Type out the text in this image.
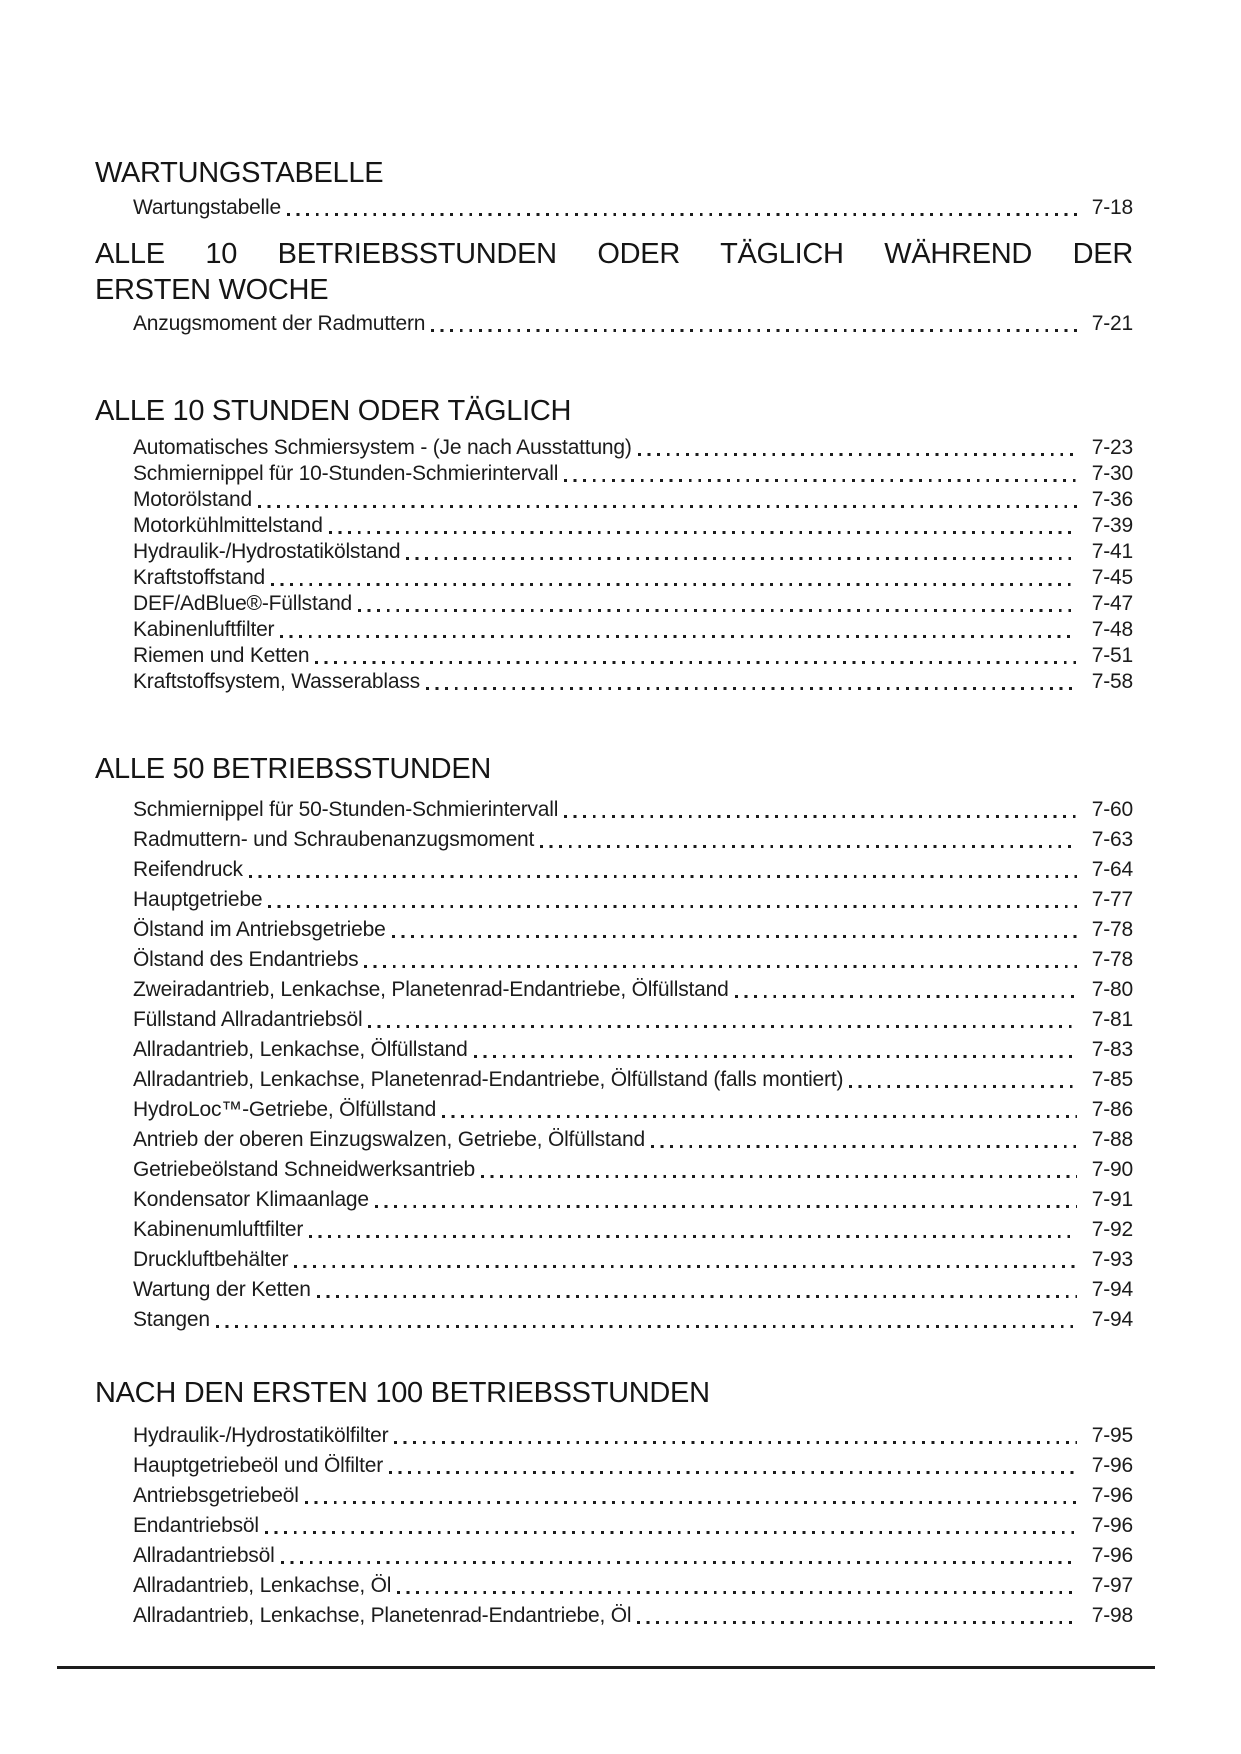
WARTUNGSTABELLE
Wartungstabelle	7-18
ALLE 10 BETRIEBSSTUNDEN ODER TÄGLICH WÄHREND DER
ERSTEN WOCHE
Anzugsmoment der Radmuttern	7-21
ALLE 10 STUNDEN ODER TÄGLICH
Automatisches Schmiersystem - (Je nach Ausstattung)	7-23
Schmiernippel für 10-Stunden-Schmierintervall	7-30
Motorölstand	7-36
Motorkühlmittelstand	7-39
Hydraulik-/Hydrostatikölstand	7-41
Kraftstoffstand	7-45
DEF/AdBlue®-Füllstand	7-47
Kabinenluftfilter	7-48
Riemen und Ketten	7-51
Kraftstoffsystem, Wasserablass	7-58
ALLE 50 BETRIEBSSTUNDEN
Schmiernippel für 50-Stunden-Schmierintervall	7-60
Radmuttern- und Schraubenanzugsmoment	7-63
Reifendruck	7-64
Hauptgetriebe	7-77
Ölstand im Antriebsgetriebe	7-78
Ölstand des Endantriebs	7-78
Zweiradantrieb, Lenkachse, Planetenrad-Endantriebe, Ölfüllstand	7-80
Füllstand Allradantriebsöl	7-81
Allradantrieb, Lenkachse, Ölfüllstand	7-83
Allradantrieb, Lenkachse, Planetenrad-Endantriebe, Ölfüllstand (falls montiert)	7-85
HydroLoc™-Getriebe, Ölfüllstand	7-86
Antrieb der oberen Einzugswalzen, Getriebe, Ölfüllstand	7-88
Getriebeölstand Schneidwerksantrieb	7-90
Kondensator Klimaanlage	7-91
Kabinenumluftfilter	7-92
Druckluftbehälter	7-93
Wartung der Ketten	7-94
Stangen	7-94
NACH DEN ERSTEN 100 BETRIEBSSTUNDEN
Hydraulik-/Hydrostatikölfilter	7-95
Hauptgetriebeöl und Ölfilter	7-96
Antriebsgetriebeöl	7-96
Endantriebsöl	7-96
Allradantriebsöl	7-96
Allradantrieb, Lenkachse, Öl	7-97
Allradantrieb, Lenkachse, Planetenrad-Endantriebe, Öl	7-98
